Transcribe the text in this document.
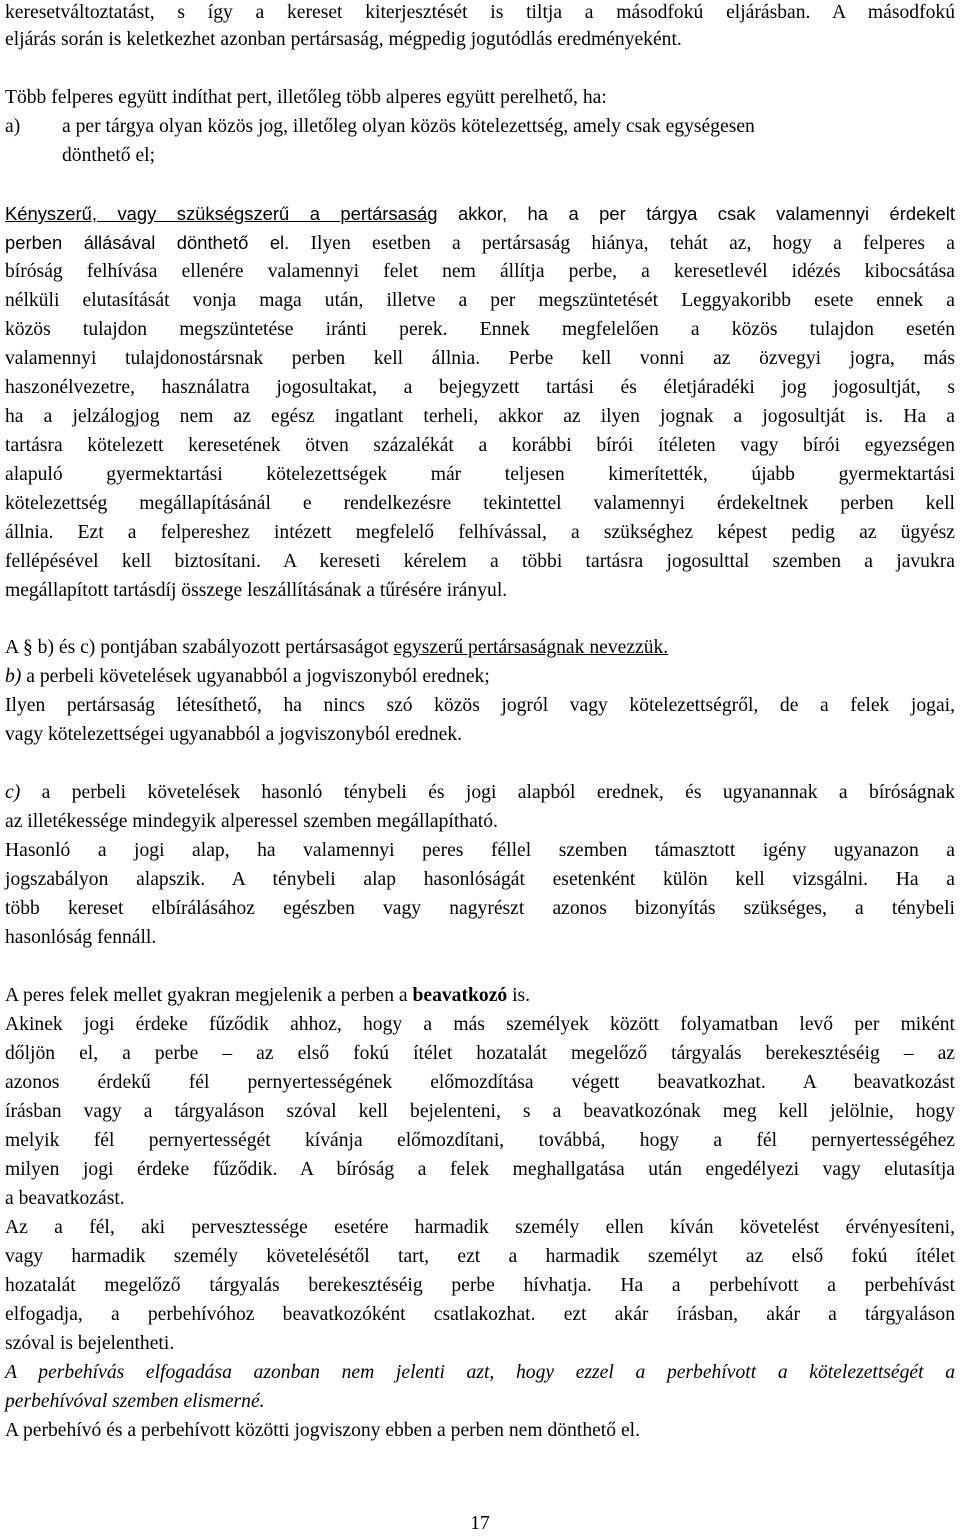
keresetváltoztatást, s így a kereset kiterjesztését is tiltja a másodfokú eljárásban. A másodfokú
eljárás során is keletkezhet azonban pertársaság, mégpedig jogutódlás eredményeként.
Több felperes együtt indíthat pert, illetőleg több alperes együtt perelhető, ha:
a) a per tárgya olyan közös jog, illetőleg olyan közös kötelezettség, amely csak egységesen
dönthető el;
Kényszerű, vagy szükségszerű a pertársaság akkor, ha a per tárgya csak valamennyi érdekelt
perben állásával dönthető el. Ilyen esetben a pertársaság hiánya, tehát az, hogy a felperes a
bíróság felhívása ellenére valamennyi felet nem állítja perbe, a keresetlevél idézés kibocsátása
nélküli elutasítását vonja maga után, illetve a per megszüntetését Leggyakoribb esete ennek a
közös tulajdon megszüntetése iránti perek. Ennek megfelelően a közös tulajdon esetén
valamennyi tulajdonostársnak perben kell állnia. Perbe kell vonni az özvegyi jogra, más
haszonélvezetre, használatra jogosultakat, a bejegyzett tartási és életjáradéki jog jogosultját, s
ha a jelzálogjog nem az egész ingatlant terheli, akkor az ilyen jognak a jogosultját is. Ha a
tartásra kötelezett keresetének ötven százalékát a korábbi bírói ítéleten vagy bírói egyezségen
alapuló gyermektartási kötelezettségek már teljesen kimerítették, újabb gyermektartási
kötelezettség megállapításánál e rendelkezésre tekintettel valamennyi érdekeltnek perben kell
állnia. Ezt a felpereshez intézett megfelelő felhívással, a szükséghez képest pedig az ügyész
fellépésével kell biztosítani. A kereseti kérelem a többi tartásra jogosulttal szemben a javukra
megállapított tartásdíj összege leszállításának a tűrésére irányul.
A § b) és c) pontjában szabályozott pertársaságot egyszerű pertársaságnak nevezzük.
b) a perbeli követelések ugyanabból a jogviszonyból erednek;
Ilyen pertársaság létesíthető, ha nincs szó közös jogról vagy kötelezettségről, de a felek jogai,
vagy kötelezettségei ugyanabból a jogviszonyból erednek.
c) a perbeli követelések hasonló ténybeli és jogi alapból erednek, és ugyanannak a bíróságnak
az illetékessége mindegyik alperessel szemben megállapítható.
Hasonló a jogi alap, ha valamennyi peres féllel szemben támasztott igény ugyanazon a
jogszabályon alapszik. A ténybeli alap hasonlóságát esetenként külön kell vizsgálni. Ha a
több kereset elbírálásához egészben vagy nagyrészt azonos bizonyítás szükséges, a ténybeli
hasonlóság fennáll.
A peres felek mellet gyakran megjelenik a perben a beavatkozó is.
Akinek jogi érdeke fűződik ahhoz, hogy a más személyek között folyamatban levő per miként
dőljön el, a perbe – az első fokú ítélet hozatalát megelőző tárgyalás berekesztéséig – az
azonos érdekű fél pernyertességének előmozdítása végett beavatkozhat. A beavatkozást
írásban vagy a tárgyaláson szóval kell bejelenteni, s a beavatkozónak meg kell jelölnie, hogy
melyik fél pernyertességét kívánja előmozdítani, továbbá, hogy a fél pernyertességéhez
milyen jogi érdeke fűződik. A bíróság a felek meghallgatása után engedélyezi vagy elutasítja
a beavatkozást.
Az a fél, aki pervesztessége esetére harmadik személy ellen kíván követelést érvényesíteni,
vagy harmadik személy követelésétől tart, ezt a harmadik személyt az első fokú ítélet
hozatalát megelőző tárgyalás berekesztéséig perbe hívhatja. Ha a perbehívott a perbehívást
elfogadja, a perbehívóhoz beavatkozóként csatlakozhat. ezt akár írásban, akár a tárgyaláson
szóval is bejelentheti.
A perbehívás elfogadása azonban nem jelenti azt, hogy ezzel a perbehívott a kötelezettségét a
perbehívóval szemben elismerné.
A perbehívó és a perbehívott közötti jogviszony ebben a perben nem dönthető el.
17
